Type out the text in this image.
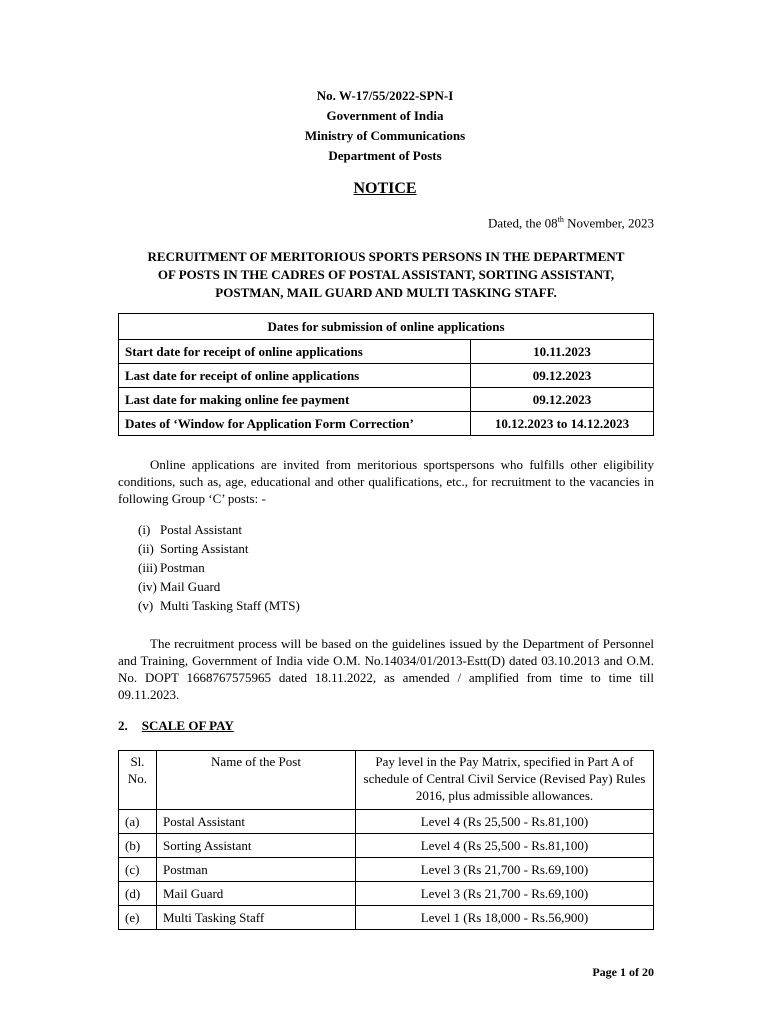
No. W-17/55/2022-SPN-I
Government of India
Ministry of Communications
Department of Posts
NOTICE
Dated, the 08th November, 2023
RECRUITMENT OF MERITORIOUS SPORTS PERSONS IN THE DEPARTMENT
OF POSTS IN THE CADRES OF POSTAL ASSISTANT, SORTING ASSISTANT,
POSTMAN, MAIL GUARD AND MULTI TASKING STAFF.
Dates for submission of online applications	
Start date for receipt of online applications	10.11.2023
Last date for receipt of online applications	09.12.2023
Last date for making online fee payment	09.12.2023
Dates of ‘Window for Application Form Correction’	10.12.2023 to 14.12.2023
Online applications are invited from meritorious sportspersons who fulfills other eligibility conditions, such as, age, educational and other qualifications, etc., for recruitment to the vacancies in following Group ‘C’ posts: -
(i) Postal Assistant
(ii) Sorting Assistant
(iii) Postman
(iv) Mail Guard
(v) Multi Tasking Staff (MTS)
The recruitment process will be based on the guidelines issued by the Department of Personnel and Training, Government of India vide O.M. No.14034/01/2013-Estt(D) dated 03.10.2013 and O.M. No. DOPT 1668767575965 dated 18.11.2022, as amended / amplified from time to time till 09.11.2023.
2. SCALE OF PAY
Sl. No.	Name of the Post	Pay level in the Pay Matrix, specified in Part A of schedule of Central Civil Service (Revised Pay) Rules 2016, plus admissible allowances.
(a)	Postal Assistant	Level 4 (Rs 25,500 - Rs.81,100)
(b)	Sorting Assistant	Level 4 (Rs 25,500 - Rs.81,100)
(c)	Postman	Level 3 (Rs 21,700 - Rs.69,100)
(d)	Mail Guard	Level 3 (Rs 21,700 - Rs.69,100)
(e)	Multi Tasking Staff	Level 1 (Rs 18,000 - Rs.56,900)
Page 1 of 20
